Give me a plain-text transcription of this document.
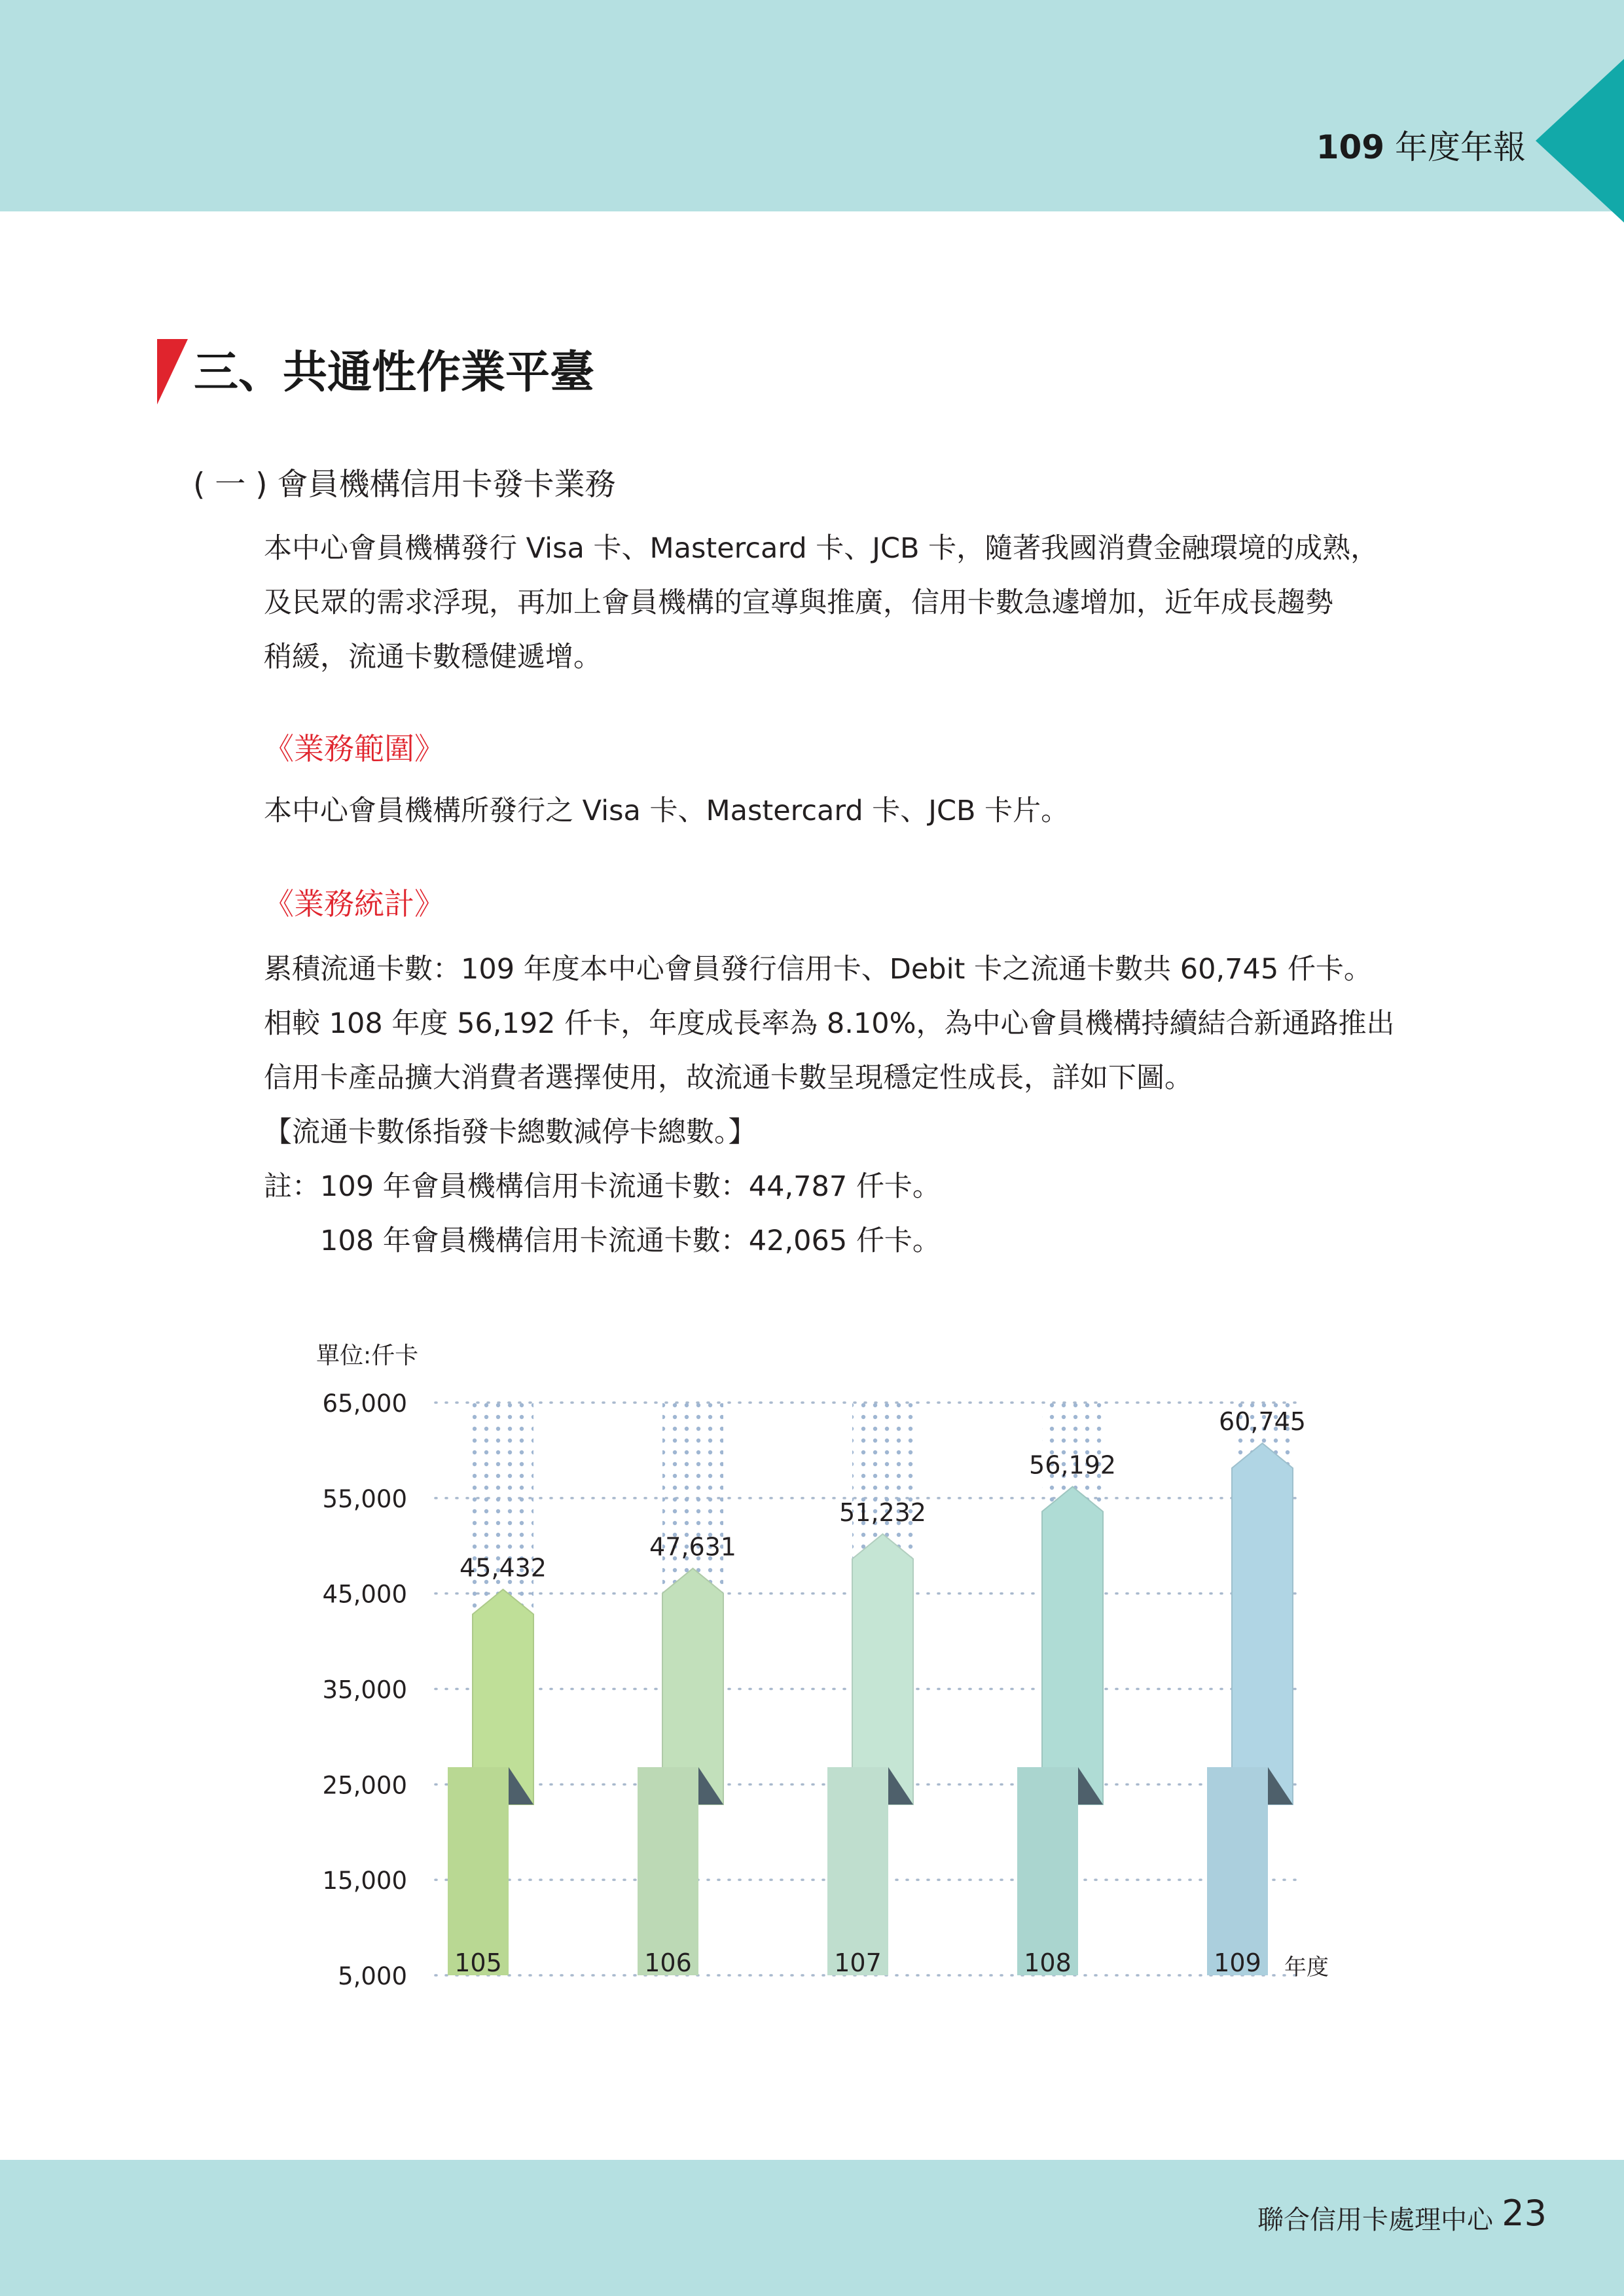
109 年度年報
三、共通性作業平臺
( 一 ) 會員機構信用卡發卡業務
本中心會員機構發行 Visa 卡、Mastercard 卡、JCB 卡，隨著我國消費金融環境的成熟，
及民眾的需求浮現，再加上會員機構的宣導與推廣，信用卡數急遽增加，近年成長趨勢
稍緩，流通卡數穩健遞增。
《業務範圍》
本中心會員機構所發行之 Visa 卡、Mastercard 卡、JCB 卡片。
《業務統計》
累積流通卡數：109 年度本中心會員發行信用卡、Debit 卡之流通卡數共 60,745 仟卡。
相較 108 年度 56,192 仟卡，年度成長率為 8.10%，為中心會員機構持續結合新通路推出
信用卡產品擴大消費者選擇使用，故流通卡數呈現穩定性成長，詳如下圖。
【流通卡數係指發卡總數減停卡總數。】
註：109 年會員機構信用卡流通卡數：44,787 仟卡。
　　108 年會員機構信用卡流通卡數：42,065 仟卡。
單位:仟卡
5,000
15,000
25,000
35,000
45,000
55,000
65,000
45,432
105
47,631
106
51,232
107
56,192
108
60,745
109 年度
聯合信用卡處理中心 23
